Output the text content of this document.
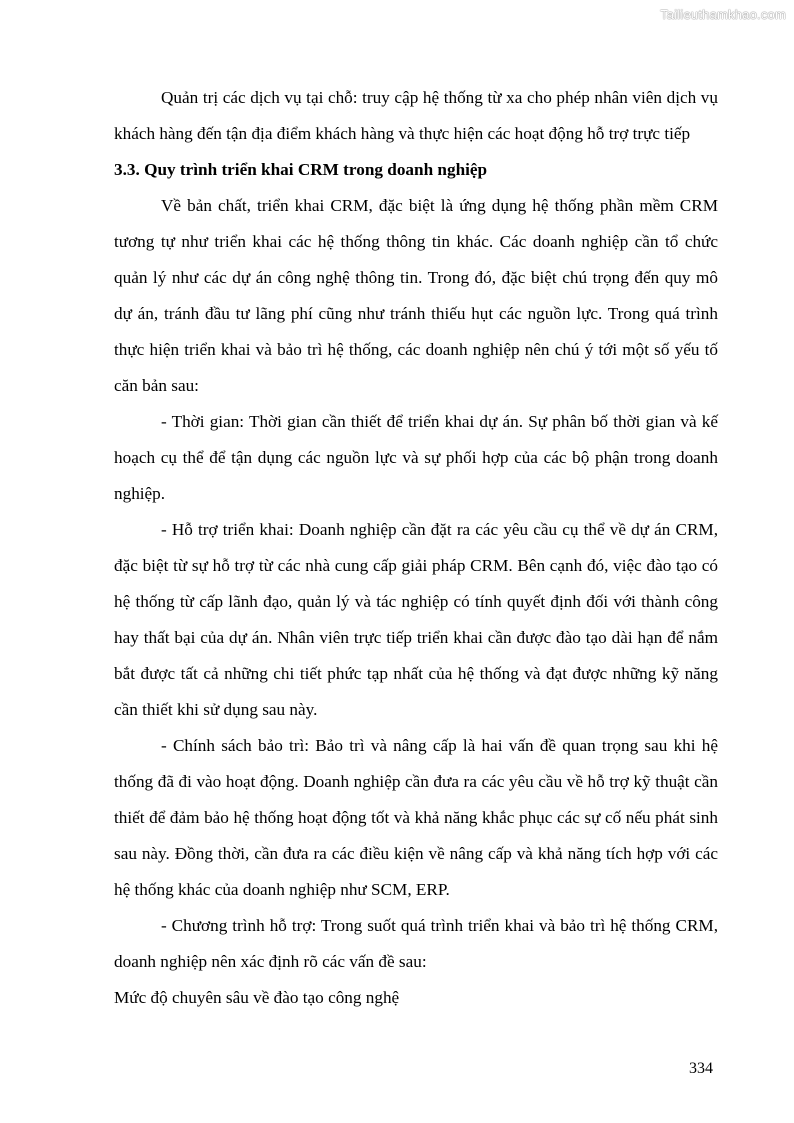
Tailieuthamkhao.com

Quản trị các dịch vụ tại chỗ: truy cập hệ thống từ xa cho phép nhân viên dịch vụ khách hàng đến tận địa điểm khách hàng và thực hiện các hoạt động hỗ trợ trực tiếp

3.3. Quy trình triển khai CRM trong doanh nghiệp

Về bản chất, triển khai CRM, đặc biệt là ứng dụng hệ thống phần mềm CRM tương tự như triển khai các hệ thống thông tin khác. Các doanh nghiệp cần tổ chức quản lý như các dự án công nghệ thông tin. Trong đó, đặc biệt chú trọng đến quy mô dự án, tránh đầu tư lãng phí cũng như tránh thiếu hụt các nguồn lực. Trong quá trình thực hiện triển khai và bảo trì hệ thống, các doanh nghiệp nên chú ý tới một số yếu tố căn bản sau:

- Thời gian: Thời gian cần thiết để triển khai dự án. Sự phân bố thời gian và kế hoạch cụ thể để tận dụng các nguồn lực và sự phối hợp của các bộ phận trong doanh nghiệp.

- Hỗ trợ triển khai: Doanh nghiệp cần đặt ra các yêu cầu cụ thể về dự án CRM, đặc biệt từ sự hỗ trợ từ các nhà cung cấp giải pháp CRM. Bên cạnh đó, việc đào tạo có hệ thống từ cấp lãnh đạo, quản lý và tác nghiệp có tính quyết định đối với thành công hay thất bại của dự án. Nhân viên trực tiếp triển khai cần được đào tạo dài hạn để nắm bắt được tất cả những chi tiết phức tạp nhất của hệ thống và đạt được những kỹ năng cần thiết khi sử dụng sau này.

- Chính sách bảo trì: Bảo trì và nâng cấp là hai vấn đề quan trọng sau khi hệ thống đã đi vào hoạt động. Doanh nghiệp cần đưa ra các yêu cầu về hỗ trợ kỹ thuật cần thiết để đảm bảo hệ thống hoạt động tốt và khả năng khắc phục các sự cố nếu phát sinh sau này. Đồng thời, cần đưa ra các điều kiện về nâng cấp và khả năng tích hợp với các hệ thống khác của doanh nghiệp như SCM, ERP.

- Chương trình hỗ trợ: Trong suốt quá trình triển khai và bảo trì hệ thống CRM, doanh nghiệp nên xác định rõ các vấn đề sau:

Mức độ chuyên sâu về đào tạo công nghệ

334
